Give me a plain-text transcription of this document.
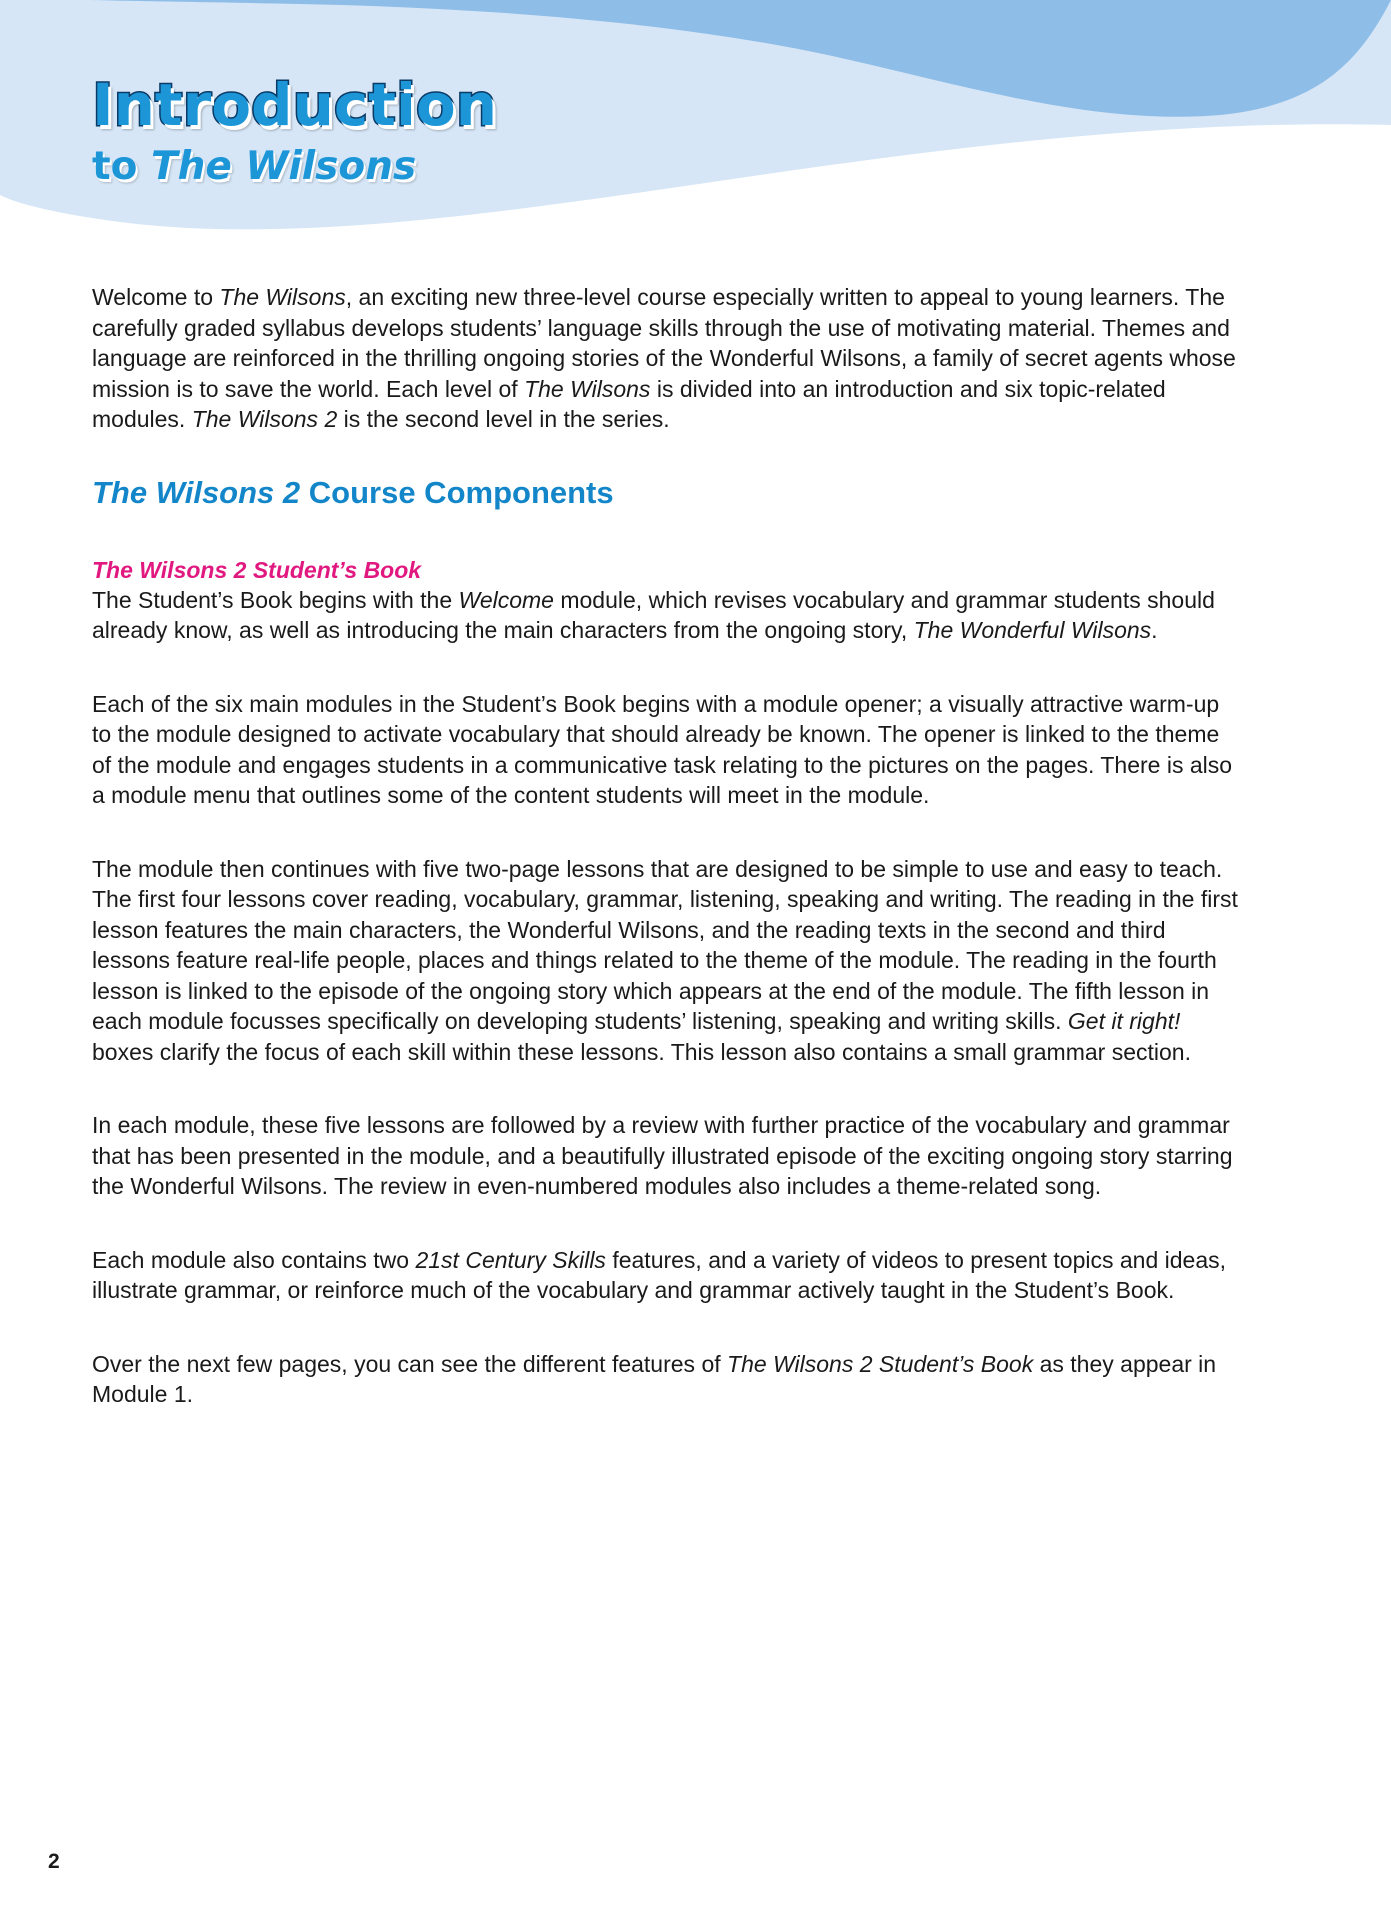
Introduction
to The Wilsons

Welcome to The Wilsons, an exciting new three-level course especially written to appeal to young learners. The carefully graded syllabus develops students’ language skills through the use of motivating material. Themes and language are reinforced in the thrilling ongoing stories of the Wonderful Wilsons, a family of secret agents whose mission is to save the world. Each level of The Wilsons is divided into an introduction and six topic-related modules. The Wilsons 2 is the second level in the series.

The Wilsons 2 Course Components
The Wilsons 2 Student’s Book

The Student’s Book begins with the Welcome module, which revises vocabulary and grammar students should already know, as well as introducing the main characters from the ongoing story, The Wonderful Wilsons.

Each of the six main modules in the Student’s Book begins with a module opener; a visually attractive warm-up to the module designed to activate vocabulary that should already be known. The opener is linked to the theme of the module and engages students in a communicative task relating to the pictures on the pages. There is also a module menu that outlines some of the content students will meet in the module.

The module then continues with five two-page lessons that are designed to be simple to use and easy to teach. The first four lessons cover reading, vocabulary, grammar, listening, speaking and writing. The reading in the first lesson features the main characters, the Wonderful Wilsons, and the reading texts in the second and third lessons feature real-life people, places and things related to the theme of the module. The reading in the fourth lesson is linked to the episode of the ongoing story which appears at the end of the module. The fifth lesson in each module focusses specifically on developing students’ listening, speaking and writing skills. Get it right! boxes clarify the focus of each skill within these lessons. This lesson also contains a small grammar section.

In each module, these five lessons are followed by a review with further practice of the vocabulary and grammar that has been presented in the module, and a beautifully illustrated episode of the exciting ongoing story starring the Wonderful Wilsons. The review in even-numbered modules also includes a theme-related song.

Each module also contains two 21st Century Skills features, and a variety of videos to present topics and ideas, illustrate grammar, or reinforce much of the vocabulary and grammar actively taught in the Student’s Book.

Over the next few pages, you can see the different features of The Wilsons 2 Student’s Book as they appear in Module 1.

2
